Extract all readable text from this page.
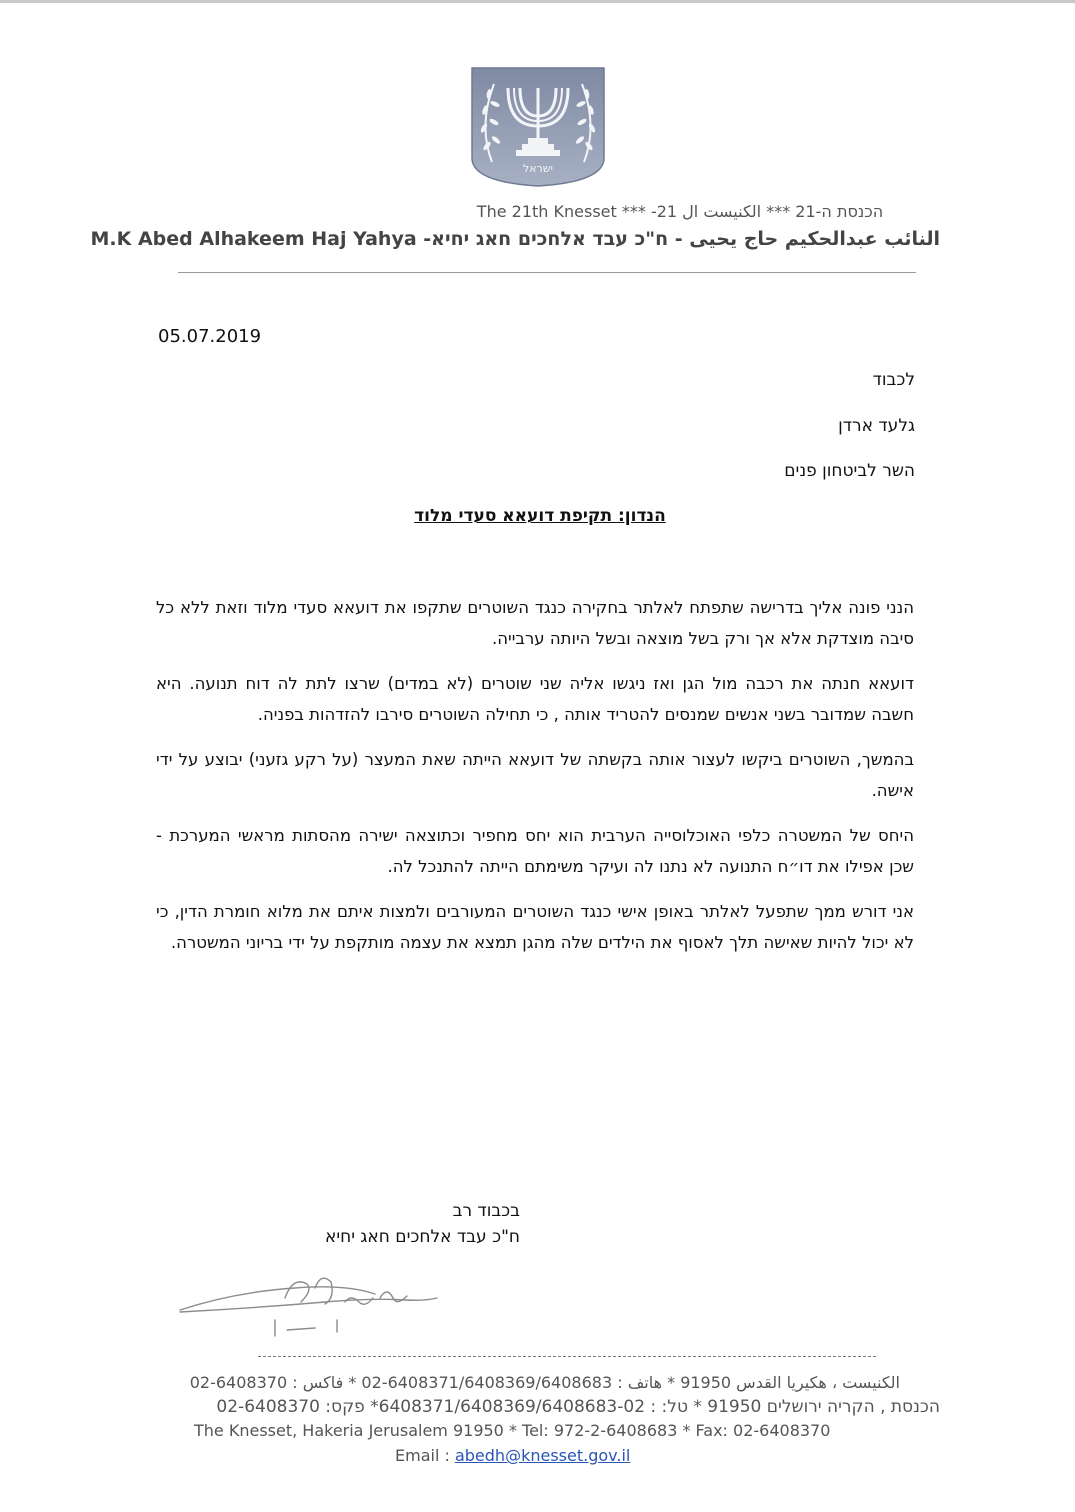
ישראל
הכנסת ה-21 *** الكنيست ال 21- *** The 21th Knesset
النائب عبدالحكيم حاج يحيى - ח"כ עבד אלחכים חאג יחיא- M.K Abed Alhakeem Haj Yahya
05.07.2019
לכבוד
גלעד ארדן
השר לביטחון פנים
הנדון: תקיפת דועאא סעדי מלוד

הנני פונה אליך בדרישה שתפתח לאלתר בחקירה כנגד השוטרים שתקפו את דועאא סעדי מלוד וזאת ללא כל סיבה מוצדקת אלא אך ורק בשל מוצאה ובשל היותה ערבייה.

דועאא חנתה את רכבה מול הגן ואז ניגשו אליה שני שוטרים (לא במדים) שרצו לתת לה דוח תנועה. היא חשבה שמדובר בשני אנשים שמנסים להטריד אותה , כי תחילה השוטרים סירבו להזדהות בפניה.

בהמשך, השוטרים ביקשו לעצור אותה בקשתה של דועאא הייתה שאת המעצר (על רקע גזעני) יבוצע על ידי אישה.

היחס של המשטרה כלפי האוכלוסייה הערבית הוא יחס מחפיר וכתוצאה ישירה מהסתות מראשי המערכת - שכן אפילו את דו״ח התנועה לא נתנו לה ועיקר משימתם הייתה להתנכל לה.

אני דורש ממך שתפעל לאלתר באופן אישי כנגד השוטרים המעורבים ולמצות איתם את מלוא חומרת הדין, כי לא יכול להיות שאישה תלך לאסוף את הילדים שלה מהגן תמצא את עצמה מותקפת על ידי בריוני המשטרה.

בכבוד רב
ח"כ עבד אלחכים חאג יחיא
الكنيست ، هكيريا القدس 91950 * هاتف : 6408371/6408369/6408683-02 * فاكس : 6408370-02
הכנסת , הקריה ירושלים 91950 * טל: : 6408371/6408369/6408683-02* פקס: 02-6408370
The Knesset, Hakeria Jerusalem 91950 * Tel: 972-2-6408683 * Fax: 02-6408370
Email : abedh@knesset.gov.il
